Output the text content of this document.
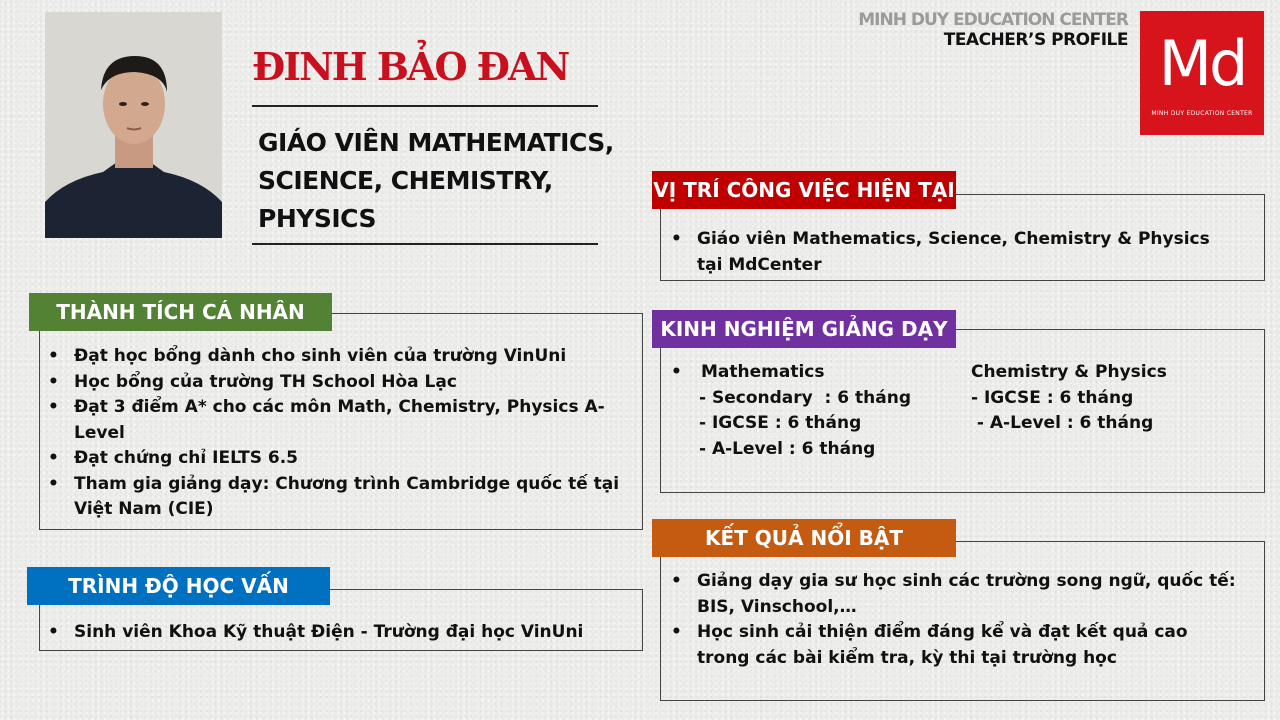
ĐINH BẢO ĐAN
GIÁO VIÊN MATHEMATICS,
SCIENCE, CHEMISTRY,
PHYSICS
MINH DUY EDUCATION CENTER
TEACHER’S PROFILE Md
MINH DUY EDUCATION CENTER
• Đạt học bổng dành cho sinh viên của trường VinUni
• Học bổng của trường TH School Hòa Lạc
• Đạt 3 điểm A* cho các môn Math, Chemistry, Physics A-Level
• Đạt chứng chỉ IELTS 6.5
• Tham gia giảng dạy: Chương trình Cambridge quốc tế tại Việt Nam (CIE)
THÀNH TÍCH CÁ NHÂN
• Sinh viên Khoa Kỹ thuật Điện - Trường đại học VinUni
TRÌNH ĐỘ HỌC VẤN
• Giáo viên Mathematics, Science, Chemistry & Physics tại MdCenter
VỊ TRÍ CÔNG VIỆC HIỆN TẠI
• Mathematics
- Secondary  : 6 tháng
- IGCSE : 6 tháng
- A-Level : 6 tháng
Chemistry & Physics
- IGCSE : 6 tháng
- A-Level : 6 tháng
KINH NGHIỆM GIẢNG DẠY
• Giảng dạy gia sư học sinh các trường song ngữ, quốc tế: BIS, Vinschool,…
• Học sinh cải thiện điểm đáng kể và đạt kết quả cao trong các bài kiểm tra, kỳ thi tại trường học
KẾT QUẢ NỔI BẬT
